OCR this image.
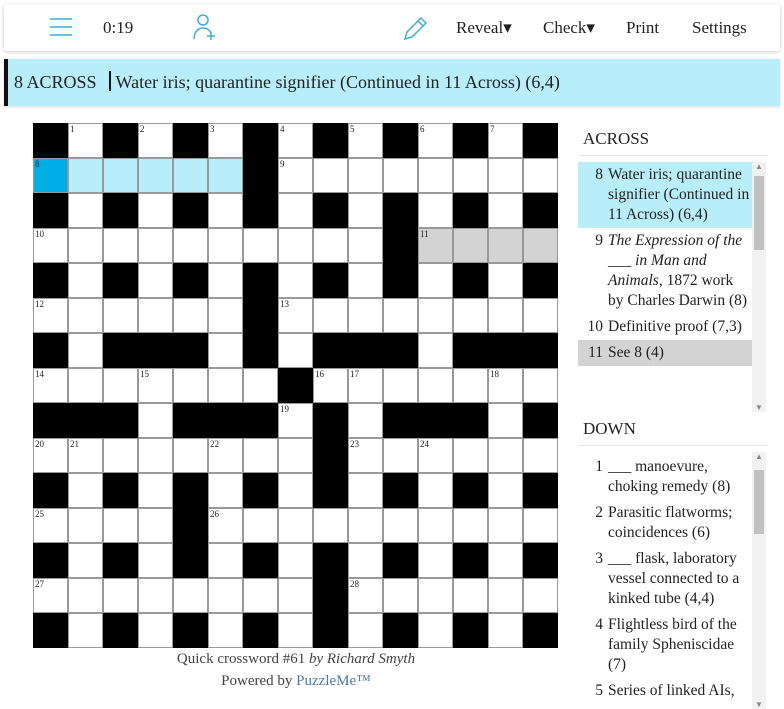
0:19	Reveal▾ Check▾ Print Settings
8 ACROSS Water iris; quarantine signifier (Continued in 11 Across) (6,4)
1	2	3	4	5	6	7
8	9
10	11
12	13
14	15	16	17	18
19
20	21	22	23	24
25	26
27	28
Quick crossword #61 by Richard Smyth
Powered by PuzzleMe™
ACROSS
8 Water iris; quarantine signifier (Continued in 11 Across) (6,4)
9 The Expression of the ___ in Man and Animals, 1872 work by Charles Darwin (8)
10 Definitive proof (7,3)
11 See 8 (4)
▲
▼
DOWN
1 ___ manoevure, choking remedy (8)
2 Parasitic flatworms; coincidences (6)
3 ___ flask, laboratory vessel connected to a kinked tube (4,4)
4 Flightless bird of the family Spheniscidae (7)
5 Series of linked AIs,
▲
▼
